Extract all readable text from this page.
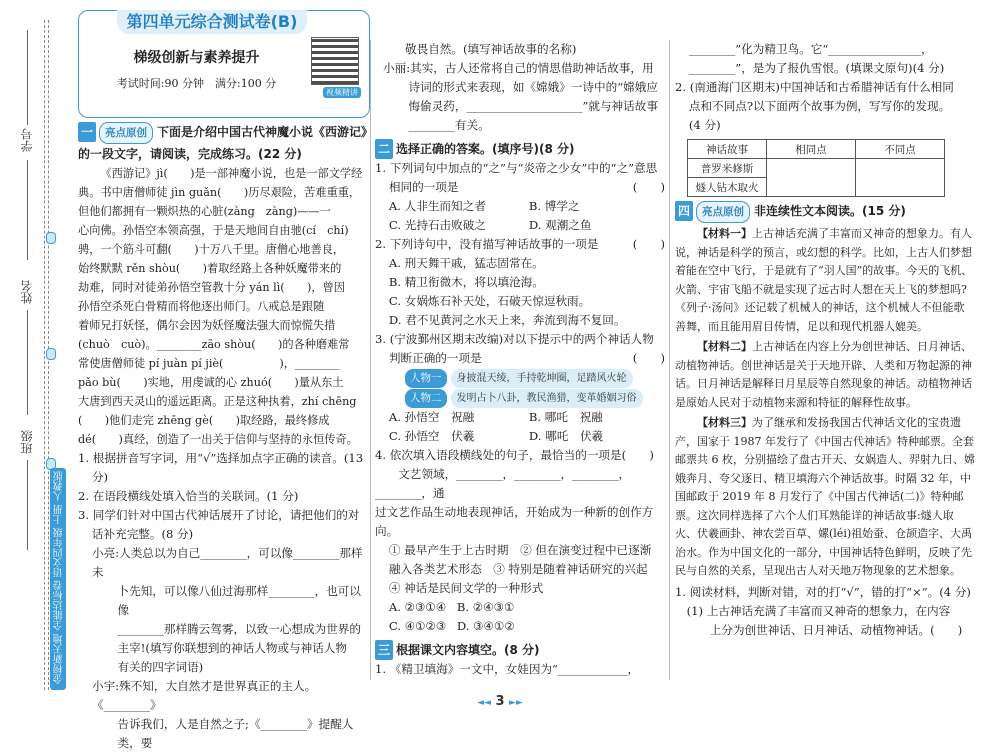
学号
姓名
班级
金榜新天地 全能达标卷 语文四年级 上册 人教版
第四单元综合测试卷(B)
梯级创新与素养提升
考试时间:90 分钟　满分:100 分
视频精讲
一 亮点原创 下面是介绍中国古代神魔小说《西游记》的一段文字，请阅读，完成练习。(22 分)

《西游记》jì(　　)是一部神魔小说，也是一部文学经

典。书中唐僧师徒 jìn guǎn(　　)历尽艰险，苦难重重，

但他们都拥有一颗炽热的心脏(zàng　zàng)——一

心向佛。孙悟空本领高强，于是天地间自由驰(cí　chí)

骋，一个筋斗可翻(　　)十万八千里。唐僧心地善良，

始终默默 rěn shòu(　　)着取经路上各种妖魔带来的

劫难，同时对徒弟孙悟空管教十分 yán lì(　　)，曾因

孙悟空杀死白骨精而将他逐出师门。八戒总是跟随

着师兄打妖怪，偶尔会因为妖怪魔法强大而惊慌失措

(chuò　cuò)。________zāo shòu(　　)的各种磨难常

常使唐僧师徒 pí juàn pí jiè(　　　　　)，________

pǎo bù(　　)实地，用虔诚的心 zhuó(　　)量从东土

大唐到西天灵山的遥远距离。正是这种执着，zhí chēng

(　　)他们走完 zhēng gè(　　)取经路，最终修成

dé(　　)真经，创造了一出关于信仰与坚持的永恒传奇。

1. 根据拼音写字词，用“√”选择加点字正确的读音。(13 分)

2. 在语段横线处填入恰当的关联词。(1 分)

3. 同学们针对中国古代神话展开了讨论，请把他们的对话补充完整。(8 分)

小亮:人类总以为自己________，可以像________那样未

卜先知，可以像八仙过海那样________，也可以像

________那样腾云驾雾，以致一心想成为世界的

主宰!(填写你联想到的神话人物或与神话人物

有关的四字词语)

小宇:殊不知，大自然才是世界真正的主人。《________》

告诉我们，人是自然之子;《________》提醒人类，要

敬畏自然。(填写神话故事的名称)

小丽:其实，古人还常将自己的情思借助神话故事，用

诗词的形式来表现，如《嫦娥》一诗中的“嫦娥应

悔偷灵药，____________________”就与神话故事

________有关。

二 选择正确的答案。(填序号)(8 分)

1. 下列词句中加点的“之”与“炎帝之少女”中的“之”意思

相同的一项是	(　　)

A. 人非生而知之者	B. 博学之

C. 光持石击败破之	D. 观潮之鱼

2. 下列诗句中，没有描写神话故事的一项是	(　　)

A. 刑天舞干戚，猛志固常在。

B. 精卫衔微木，将以填沧海。

C. 女娲炼石补天处，石破天惊逗秋雨。

D. 君不见黄河之水天上来，奔流到海不复回。

3. (宁波鄞州区期末改编)对以下提示中的两个神话人物

判断正确的一项是	(　　)

人物一 身披混天绫，手持乾坤圈，足踏风火轮

人物二 发明占卜八卦，教民渔猎，变革婚姻习俗

A. 孙悟空　祝融	B. 哪吒　祝融

C. 孙悟空　伏羲	D. 哪吒　伏羲

4. 依次填入语段横线处的句子，最恰当的一项是(　　)

文艺领域，________，________，________，________，通

过文艺作品生动地表现神话，开始成为一种新的创作方向。

① 最早产生于上古时期　② 但在演变过程中已逐渐

融入各类艺术形态　③ 特别是随着神话研究的兴起

④ 神话是民间文学的一种形式

A. ②③①④ B. ②④③①

C. ④①②③ D. ③④①②

三 根据课文内容填空。(8 分)

1. 《精卫填海》一文中，女娃因为“____________，

________”化为精卫鸟。它“________________，

________”，是为了报仇雪恨。(填课文原句)(4 分)

2. (南通海门区期末)中国神话和古希腊神话有什么相同

点和不同点?以下面两个故事为例，写写你的发现。

(4 分)

神话故事	相同点	不同点
普罗米修斯		
燧人钻木取火		
四 亮点原创 非连续性文本阅读。(15 分)

【材料一】上古神话充满了丰富而又神奇的想象力。有人说，神话是科学的预言，或幻想的科学。比如，上古人们梦想着能在空中飞行，于是就有了“羽人国”的故事。今天的飞机、火箭、宇宙飞船不就是实现了远古时人想在天上飞的梦想吗?《列子·汤问》还记载了机械人的神话，这个机械人不但能歌善舞，而且能用眉目传情，足以和现代机器人媲美。

【材料二】上古神话在内容上分为创世神话、日月神话、动植物神话。创世神话是关于天地开辟、人类和万物起源的神话。日月神话是解释日月星辰等自然现象的神话。动植物神话是原始人民对于动植物来源和特征的解释性故事。

【材料三】为了继承和发扬我国古代神话文化的宝贵遗产，国家于 1987 年发行了《中国古代神话》特种邮票。全套邮票共 6 枚，分别描绘了盘古开天、女娲造人、羿射九日、嫦娥奔月、夸父逐日、精卫填海六个神话故事。时隔 32 年，中国邮政于 2019 年 8 月发行了《中国古代神话(二)》特种邮票。这次同样选择了六个人们耳熟能详的神话故事:燧人取火、伏羲画卦、神农尝百草、嫘(léi)祖始蚕、仓颉造字、大禹治水。作为中国文化的一部分，中国神话特色鲜明，反映了先民与自然的关系，呈现出古人对天地万物现象的艺术想象。

1. 阅读材料，判断对错，对的打“√”，错的打“×”。(4 分)

(1) 上古神话充满了丰富而又神奇的想象力，在内容

上分为创世神话、日月神话、动植物神话。(　　)

◄◄ 3 ►►
